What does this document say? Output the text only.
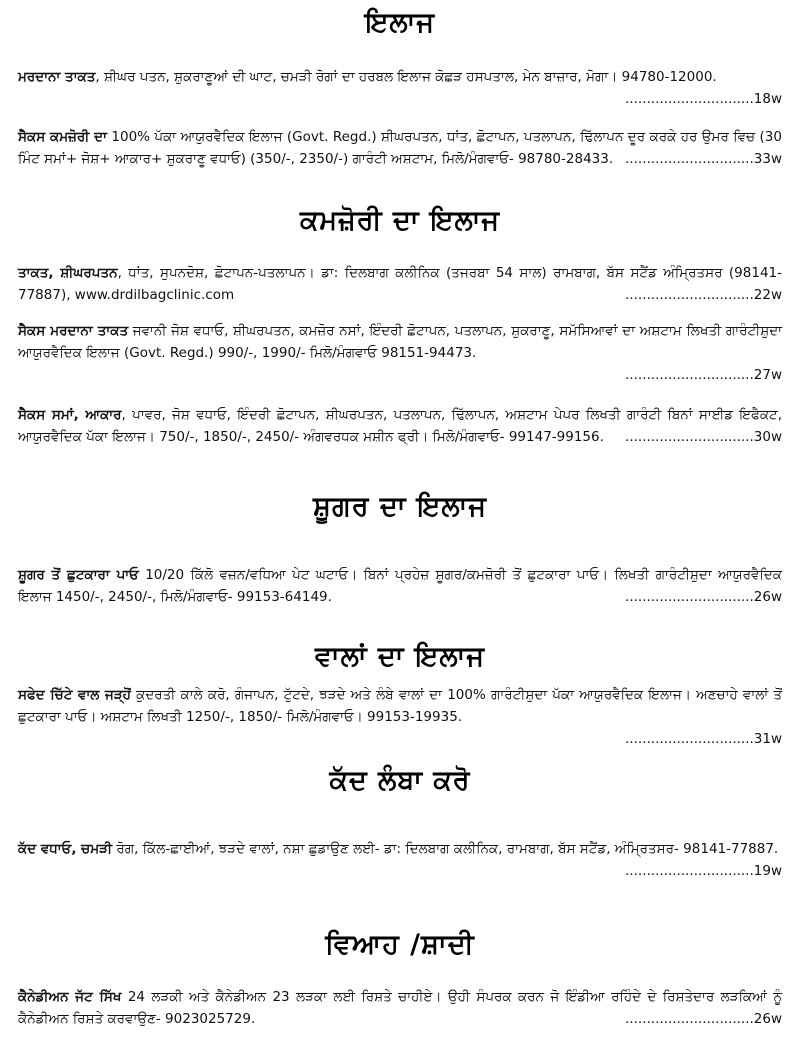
ਇਲਾਜ
ਮਰਦਾਨਾ ਤਾਕਤ, ਸ਼ੀਘਰ ਪਤਨ, ਸ਼ੁਕਰਾਣੂਆਂ ਦੀ ਘਾਟ, ਚਮੜੀ ਰੋਗਾਂ ਦਾ ਹਰਬਲ ਇਲਾਜ ਕੋਛੜ ਹਸਪਤਾਲ, ਮੇਨ ਬਾਜ਼ਾਰ, ਮੋਗਾ। 94780-12000.
..............................18w
ਸੈਕਸ ਕਮਜ਼ੋਰੀ ਦਾ 100% ਪੱਕਾ ਆਯੁਰਵੈਦਿਕ ਇਲਾਜ (Govt. Regd.) ਸ਼ੀਘਰਪਤਨ, ਧਾਂਤ, ਛੋਟਾਪਨ, ਪਤਲਾਪਨ, ਢਿੱਲਾਪਨ ਦੂਰ ਕਰਕੇ ਹਰ ਉਮਰ ਵਿਚ (30 ਮਿੰਟ ਸਮਾਂ+ ਜੋਸ਼+ ਆਕਾਰ+ ਸ਼ੁਕਰਾਣੂ ਵਧਾਓ) (350/-, 2350/-) ਗਾਰੰਟੀ ਅਸ਼ਟਾਮ, ਮਿਲੋ/ਮੰਗਵਾਓ- 98780-28433. ..............................33w
ਕਮਜ਼ੋਰੀ ਦਾ ਇਲਾਜ
ਤਾਕਤ, ਸ਼ੀਘਰਪਤਨ, ਧਾਂਤ, ਸੁਪਨਦੋਸ਼, ਛੋਟਾਪਨ-ਪਤਲਾਪਨ। ਡਾ: ਦਿਲਬਾਗ ਕਲੀਨਿਕ (ਤਜਰਬਾ 54 ਸਾਲ) ਰਾਮਬਾਗ, ਬੱਸ ਸਟੈਂਡ ਅੰਮ੍ਰਿਤਸਰ (98141-77887), www.drdilbagclinic.com	..............................22w
ਸੈਕਸ ਮਰਦਾਨਾ ਤਾਕਤ ਜਵਾਨੀ ਜੋਸ਼ ਵਧਾਓ, ਸ਼ੀਘਰਪਤਨ, ਕਮਜ਼ੋਰ ਨਸਾਂ, ਇੰਦਰੀ ਛੋਟਾਪਨ, ਪਤਲਾਪਨ, ਸ਼ੁਕਰਾਣੂ, ਸਮੱਸਿਆਵਾਂ ਦਾ ਅਸ਼ਟਾਮ ਲਿਖਤੀ ਗਾਰੰਟੀਸ਼ੁਦਾ ਆਯੁਰਵੈਦਿਕ ਇਲਾਜ (Govt. Regd.) 990/-, 1990/- ਮਿਲੋ/ਮੰਗਵਾਓ 98151-94473.
..............................27w
ਸੈਕਸ ਸਮਾਂ, ਆਕਾਰ, ਪਾਵਰ, ਜੋਸ਼ ਵਧਾਓ, ਇੰਦਰੀ ਛੋਟਾਪਨ, ਸ਼ੀਘਰਪਤਨ, ਪਤਲਾਪਨ, ਢਿੱਲਾਪਨ, ਅਸ਼ਟਾਮ ਪੇਪਰ ਲਿਖਤੀ ਗਾਰੰਟੀ ਬਿਨਾਂ ਸਾਈਡ ਇਫੈਕਟ, ਆਯੁਰਵੈਦਿਕ ਪੱਕਾ ਇਲਾਜ। 750/-, 1850/-, 2450/- ਅੰਗਵਰਧਕ ਮਸ਼ੀਨ ਫ੍ਰੀ। ਮਿਲੋ/ਮੰਗਵਾਓ- 99147-99156. ..............................30w
ਸ਼ੂਗਰ ਦਾ ਇਲਾਜ
ਸ਼ੂਗਰ ਤੋਂ ਛੁਟਕਾਰਾ ਪਾਓ 10/20 ਕਿੱਲੋ ਵਜ਼ਨ/ਵਧਿਆ ਪੇਟ ਘਟਾਓ। ਬਿਨਾਂ ਪ੍ਰਹੇਜ਼ ਸ਼ੂਗਰ/ਕਮਜ਼ੋਰੀ ਤੋਂ ਛੁਟਕਾਰਾ ਪਾਓ। ਲਿਖਤੀ ਗਾਰੰਟੀਸ਼ੁਦਾ ਆਯੁਰਵੈਦਿਕ ਇਲਾਜ 1450/-, 2450/-, ਮਿਲੋ/ਮੰਗਵਾਓ- 99153-64149.	..............................26w
ਵਾਲਾਂ ਦਾ ਇਲਾਜ
ਸਫੇਦ ਚਿੱਟੇ ਵਾਲ ਜੜ੍ਹੋਂ ਕੁਦਰਤੀ ਕਾਲੇ ਕਰੋ, ਗੰਜਾਪਨ, ਟੁੱਟਦੇ, ਝੜਦੇ ਅਤੇ ਲੰਬੇ ਵਾਲਾਂ ਦਾ 100% ਗਾਰੰਟੀਸ਼ੁਦਾ ਪੱਕਾ ਆਯੁਰਵੈਦਿਕ ਇਲਾਜ। ਅਣਚਾਹੇ ਵਾਲਾਂ ਤੋਂ ਛੁਟਕਾਰਾ ਪਾਓ। ਅਸ਼ਟਾਮ ਲਿਖਤੀ 1250/-, 1850/- ਮਿਲੋ/ਮੰਗਵਾਓ। 99153-19935.
..............................31w
ਕੱਦ ਲੰਬਾ ਕਰੋ
ਕੱਦ ਵਧਾਓ, ਚਮੜੀ ਰੋਗ, ਕਿੱਲ-ਛਾਈਆਂ, ਝੜਦੇ ਵਾਲਾਂ, ਨਸ਼ਾ ਛੁਡਾਉਣ ਲਈ- ਡਾ: ਦਿਲਬਾਗ ਕਲੀਨਿਕ, ਰਾਮਬਾਗ, ਬੱਸ ਸਟੈਂਡ, ਅੰਮ੍ਰਿਤਸਰ- 98141-77887.
..............................19w
ਵਿਆਹ /ਸ਼ਾਦੀ
ਕੈਨੇਡੀਅਨ ਜੱਟ ਸਿੱਖ 24 ਲੜਕੀ ਅਤੇ ਕੈਨੇਡੀਅਨ 23 ਲੜਕਾ ਲਈ ਰਿਸ਼ਤੇ ਚਾਹੀਏ। ਉਹੀ ਸੰਪਰਕ ਕਰਨ ਜੋ ਇੰਡੀਆ ਰਹਿੰਦੇ ਦੇ ਰਿਸ਼ਤੇਦਾਰ ਲੜਕਿਆਂ ਨੂੰ ਕੈਨੇਡੀਅਨ ਰਿਸ਼ਤੇ ਕਰਵਾਉਣ- 9023025729.	..............................26w
